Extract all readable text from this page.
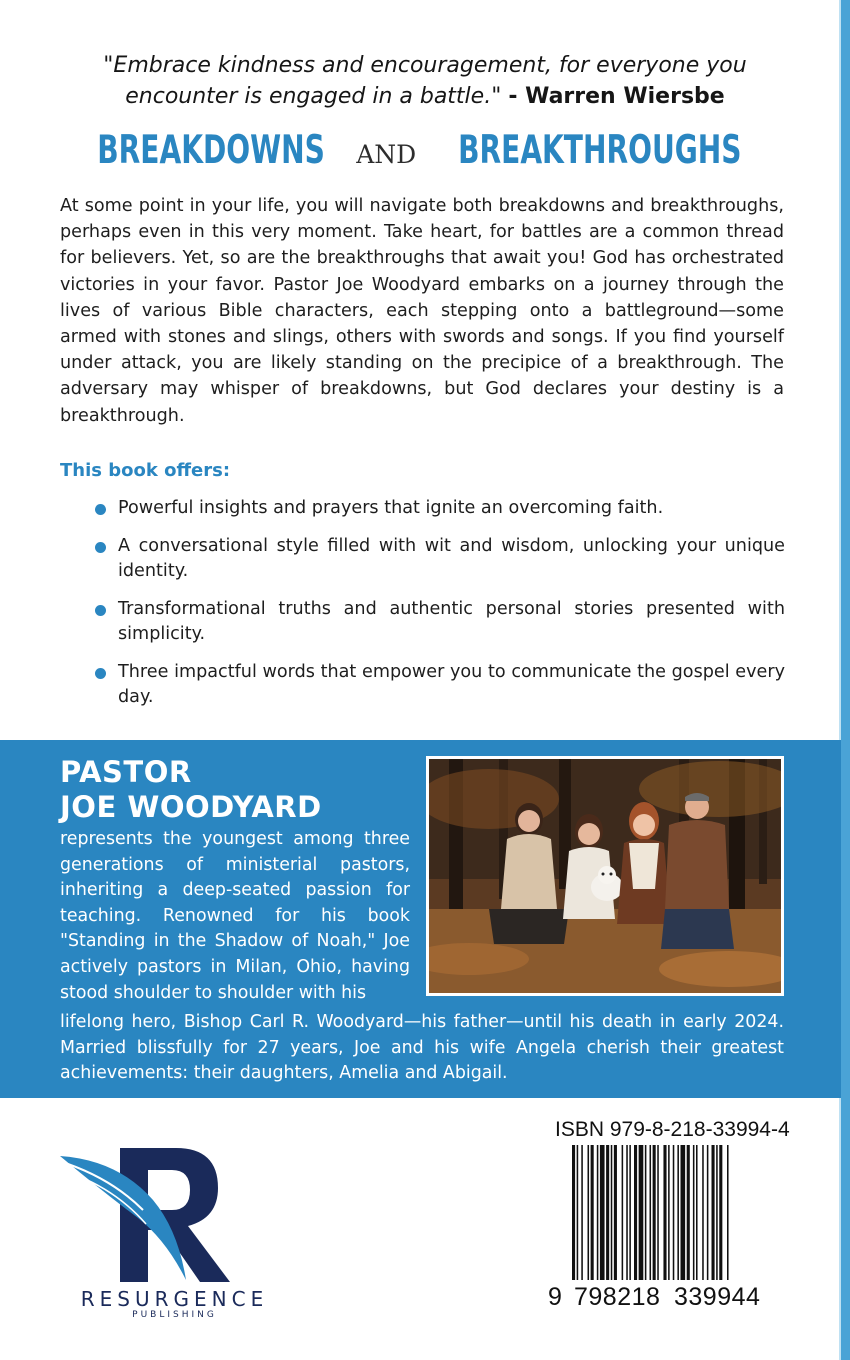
"Embrace kindness and encouragement, for everyone you
encounter is engaged in a battle." - Warren Wiersbe
BREAKDOWNS AND BREAKTHROUGHS
At some point in your life, you will navigate both breakdowns and breakthroughs, perhaps even in this very moment. Take heart, for battles are a common thread for believers. Yet, so are the breakthroughs that await you! God has orchestrated victories in your favor. Pastor Joe Woodyard embarks on a journey through the lives of various Bible characters, each stepping onto a battleground—some armed with stones and slings, others with swords and songs. If you find yourself under attack, you are likely standing on the precipice of a breakthrough. The adversary may whisper of breakdowns, but God declares your destiny is a breakthrough.
This book offers:
Powerful insights and prayers that ignite an overcoming faith.
A conversational style filled with wit and wisdom, unlocking your unique identity.
Transformational truths and authentic personal stories presented with simplicity.
Three impactful words that empower you to communicate the gospel every day.
PASTOR
JOE WOODYARD
represents the youngest among three generations of ministerial pastors, inheriting a deep-seated passion for teaching. Renowned for his book "Standing in the Shadow of Noah," Joe actively pastors in Milan, Ohio, having stood shoulder to shoulder with his
lifelong hero, Bishop Carl R. Woodyard—his father—until his death in early 2024. Married blissfully for 27 years, Joe and his wife Angela cherish their greatest achievements: their daughters, Amelia and Abigail.
ISBN 979-8-218-33994-4
9 798218 339944
RESURGENCE
PUBLISHING
